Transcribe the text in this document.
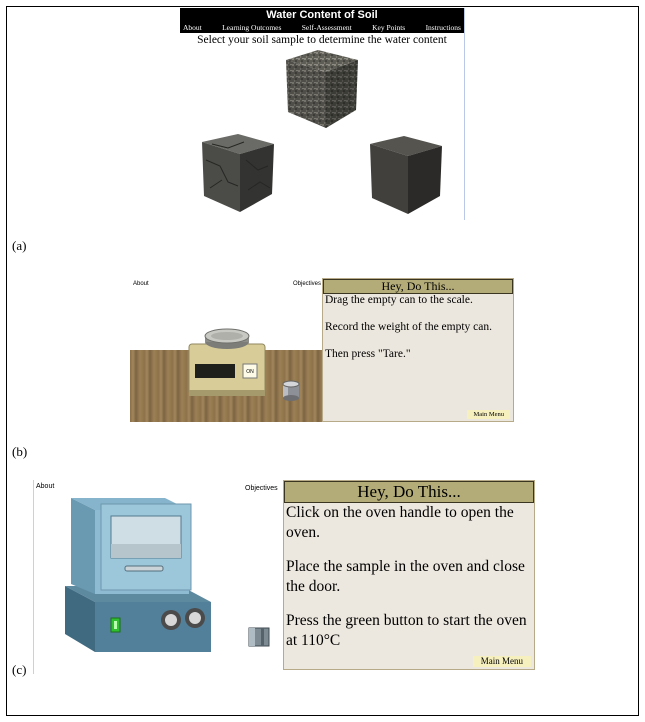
Water Content of Soil
About	Learning Outcomes	Self-Assessment	Key Points	Instructions
Select your soil sample to determine the water content
(a)
About	Objectives
ON
Hey, Do This...

Drag the empty can to the scale.

Record the weight of the empty can.

Then press "Tare."

Main Menu
(b)
About	Objectives	Hey, Do This...

Click on the oven handle to open the oven.

Place the sample in the oven and close the door.

Press the green button to start the oven at 110°C

Main Menu
(c)
